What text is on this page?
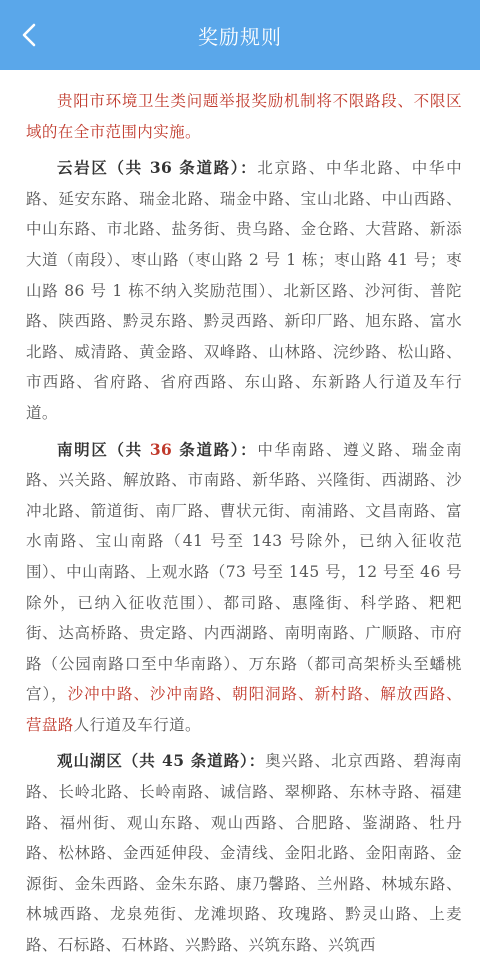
奖励规则

贵阳市环境卫生类问题举报奖励机制将不限路段、不限区域的在全市范围内实施。

云岩区（共 36 条道路）：北京路、中华北路、中华中路、延安东路、瑞金北路、瑞金中路、宝山北路、中山西路、中山东路、市北路、盐务街、贵乌路、金仓路、大营路、新添大道（南段）、枣山路（枣山路 2 号 1 栋；枣山路 41 号；枣山路 86 号 1 栋不纳入奖励范围）、北新区路、沙河街、普陀路、陕西路、黔灵东路、黔灵西路、新印厂路、旭东路、富水北路、威清路、黄金路、双峰路、山林路、浣纱路、松山路、市西路、省府路、省府西路、东山路、东新路人行道及车行道。

南明区（共 36 条道路）：中华南路、遵义路、瑞金南路、兴关路、解放路、市南路、新华路、兴隆街、西湖路、沙冲北路、箭道街、南厂路、曹状元街、南浦路、文昌南路、富水南路、宝山南路（41 号至 143 号除外，已纳入征收范围）、中山南路、上观水路（73 号至 145 号，12 号至 46 号除外，已纳入征收范围）、都司路、惠隆街、科学路、粑粑街、达高桥路、贵定路、内西湖路、南明南路、广顺路、市府路（公园南路口至中华南路）、万东路（都司高架桥头至蟠桃宫），沙冲中路、沙冲南路、朝阳洞路、新村路、解放西路、营盘路人行道及车行道。

观山湖区（共 45 条道路）：奥兴路、北京西路、碧海南路、长岭北路、长岭南路、诚信路、翠柳路、东林寺路、福建路、福州街、观山东路、观山西路、合肥路、鉴湖路、牡丹路、松林路、金西延伸段、金清线、金阳北路、金阳南路、金源街、金朱西路、金朱东路、康乃馨路、兰州路、林城东路、林城西路、龙泉苑街、龙滩坝路、玫瑰路、黔灵山路、上麦路、石标路、石林路、兴黔路、兴筑东路、兴筑西
